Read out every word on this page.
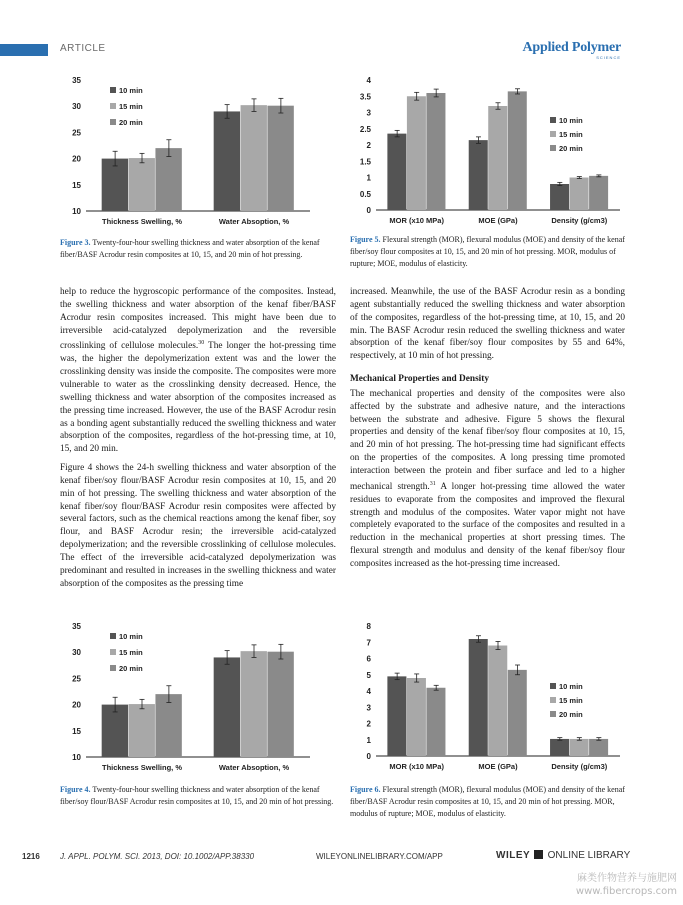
ARTICLE	Applied Polymer
SCIENCE
10
15
20
25
30
35
Thickness Swelling, %	Water Absoption, %
10 min
15 min
20 min
Figure 3. Twenty-four-hour swelling thickness and water absorption of the kenaf fiber/BASF Acrodur resin composites at 10, 15, and 20 min of hot pressing.
0
0.5
1
1.5
2
2.5
3
3.5
4
MOR (x10 MPa)	MOE (GPa)	Density (g/cm3)
10 min
15 min
20 min
Figure 5. Flexural strength (MOR), flexural modulus (MOE) and density of the kenaf fiber/soy flour composites at 10, 15, and 20 min of hot pressing. MOR, modulus of rupture; MOE, modulus of elasticity.

help to reduce the hygroscopic performance of the composites. Instead, the swelling thickness and water absorption of the kenaf fiber/BASF Acrodur resin composites increased. This might have been due to irreversible acid-catalyzed depolymerization and the reversible crosslinking of cellulose molecules.$^{30}$ The longer the hot-pressing time was, the higher the depolymerization extent was and the lower the crosslinking density was inside the composite. The composites were more vulnerable to water as the crosslinking density decreased. Hence, the swelling thickness and water absorption of the composites increased as the pressing time increased. However, the use of the BASF Acrodur resin as a bonding agent substantially reduced the swelling thickness and water absorption of the composites, regardless of the hot-pressing time, at 10, 15, and 20 min.

Figure 4 shows the 24-h swelling thickness and water absorption of the kenaf fiber/soy flour/BASF Acrodur resin composites at 10, 15, and 20 min of hot pressing. The swelling thickness and water absorption of the kenaf fiber/soy flour/BASF Acrodur resin composites were affected by several factors, such as the chemical reactions among the kenaf fiber, soy flour, and BASF Acrodur resin; the irreversible acid-catalyzed depolymerization; and the reversible crosslinking of cellulose molecules. The effect of the irreversible acid-catalyzed depolymerization was predominant and resulted in increases in the swelling thickness and water absorption of the composites as the pressing time

increased. Meanwhile, the use of the BASF Acrodur resin as a bonding agent substantially reduced the swelling thickness and water absorption of the composites, regardless of the hot-pressing time, at 10, 15, and 20 min. The BASF Acrodur resin reduced the swelling thickness and water absorption of the kenaf fiber/soy flour composites by 55 and 64%, respectively, at 10 min of hot pressing.

Mechanical Properties and Density

The mechanical properties and density of the composites were also affected by the substrate and adhesive nature, and the interactions between the substrate and adhesive. Figure 5 shows the flexural properties and density of the kenaf fiber/soy flour composites at 10, 15, and 20 min of hot pressing. The hot-pressing time had significant effects on the properties of the composites. A long pressing time promoted interaction between the protein and fiber surface and led to a higher mechanical strength.$^{31}$ A longer hot-pressing time allowed the water residues to evaporate from the composites and improved the flexural strength and modulus of the composites. Water vapor might not have completely evaporated to the surface of the composites and resulted in a reduction in the mechanical properties at short pressing times. The flexural strength and modulus and density of the kenaf fiber/soy flour composites increased as the hot-pressing time increased.

10
15
20
25
30
35
Thickness Swelling, %	Water Absoption, %
10 min
15 min
20 min
Figure 4. Twenty-four-hour swelling thickness and water absorption of the kenaf fiber/soy flour/BASF Acrodur resin composites at 10, 15, and 20 min of hot pressing.
0
1
2
3
4
5
6
7
8
MOR (x10 MPa)	MOE (GPa)	Density (g/cm3)
10 min
15 min
20 min
Figure 6. Flexural strength (MOR), flexural modulus (MOE) and density of the kenaf fiber/BASF Acrodur resin composites at 10, 15, and 20 min of hot pressing. MOR, modulus of rupture; MOE, modulus of elasticity.
1216	J. APPL. POLYM. SCI. 2013, DOI: 10.1002/APP.38330	WILEYONLINELIBRARY.COM/APP	WILEY ONLINE LIBRARY
麻类作物营养与施肥网
www.fibercrops.com
